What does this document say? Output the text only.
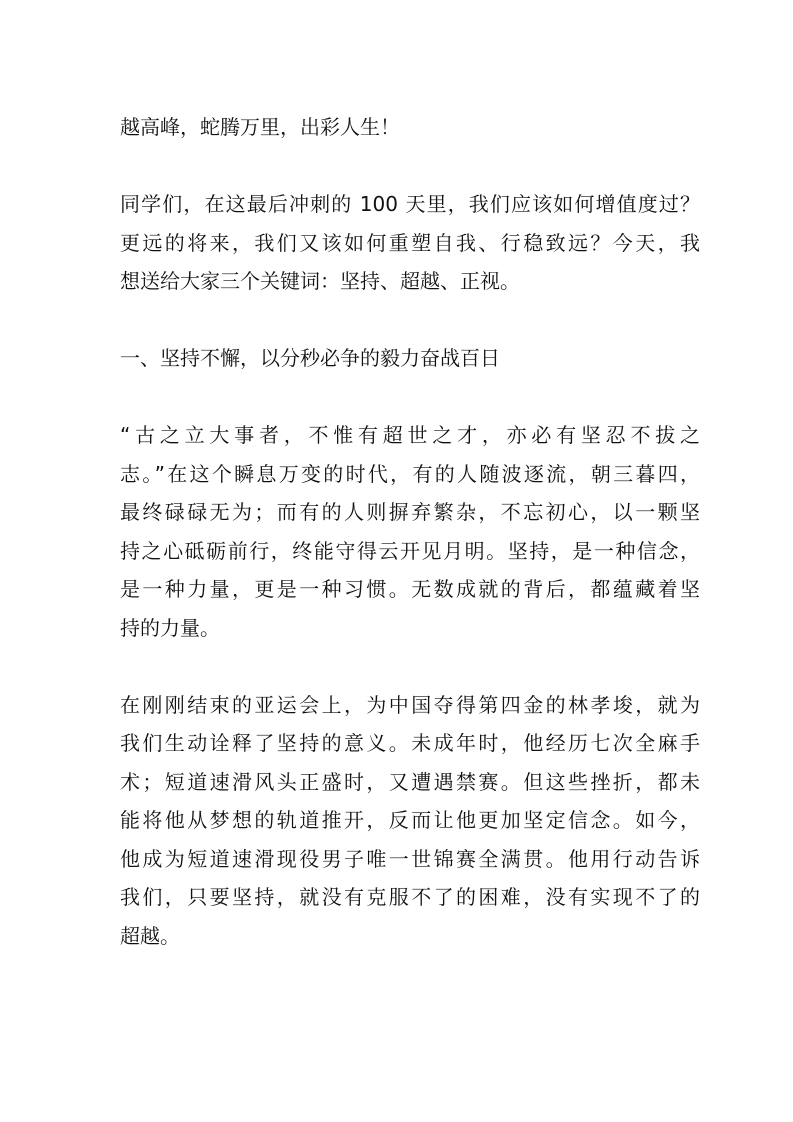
越高峰，蛇腾万里，出彩人生！

同学们，在这最后冲刺的 100 天里，我们应该如何增值度过？
更远的将来，我们又该如何重塑自我、行稳致远？今天，我
想送给大家三个关键词：坚持、超越、正视。

一、坚持不懈，以分秒必争的毅力奋战百日

“古之立大事者，不惟有超世之才，亦必有坚忍不拔之
志。”在这个瞬息万变的时代，有的人随波逐流，朝三暮四，
最终碌碌无为；而有的人则摒弃繁杂，不忘初心，以一颗坚
持之心砥砺前行，终能守得云开见月明。坚持，是一种信念，
是一种力量，更是一种习惯。无数成就的背后，都蕴藏着坚
持的力量。

在刚刚结束的亚运会上，为中国夺得第四金的林孝埈，就为
我们生动诠释了坚持的意义。未成年时，他经历七次全麻手
术；短道速滑风头正盛时，又遭遇禁赛。但这些挫折，都未
能将他从梦想的轨道推开，反而让他更加坚定信念。如今，
他成为短道速滑现役男子唯一世锦赛全满贯。他用行动告诉
我们，只要坚持，就没有克服不了的困难，没有实现不了的
超越。
